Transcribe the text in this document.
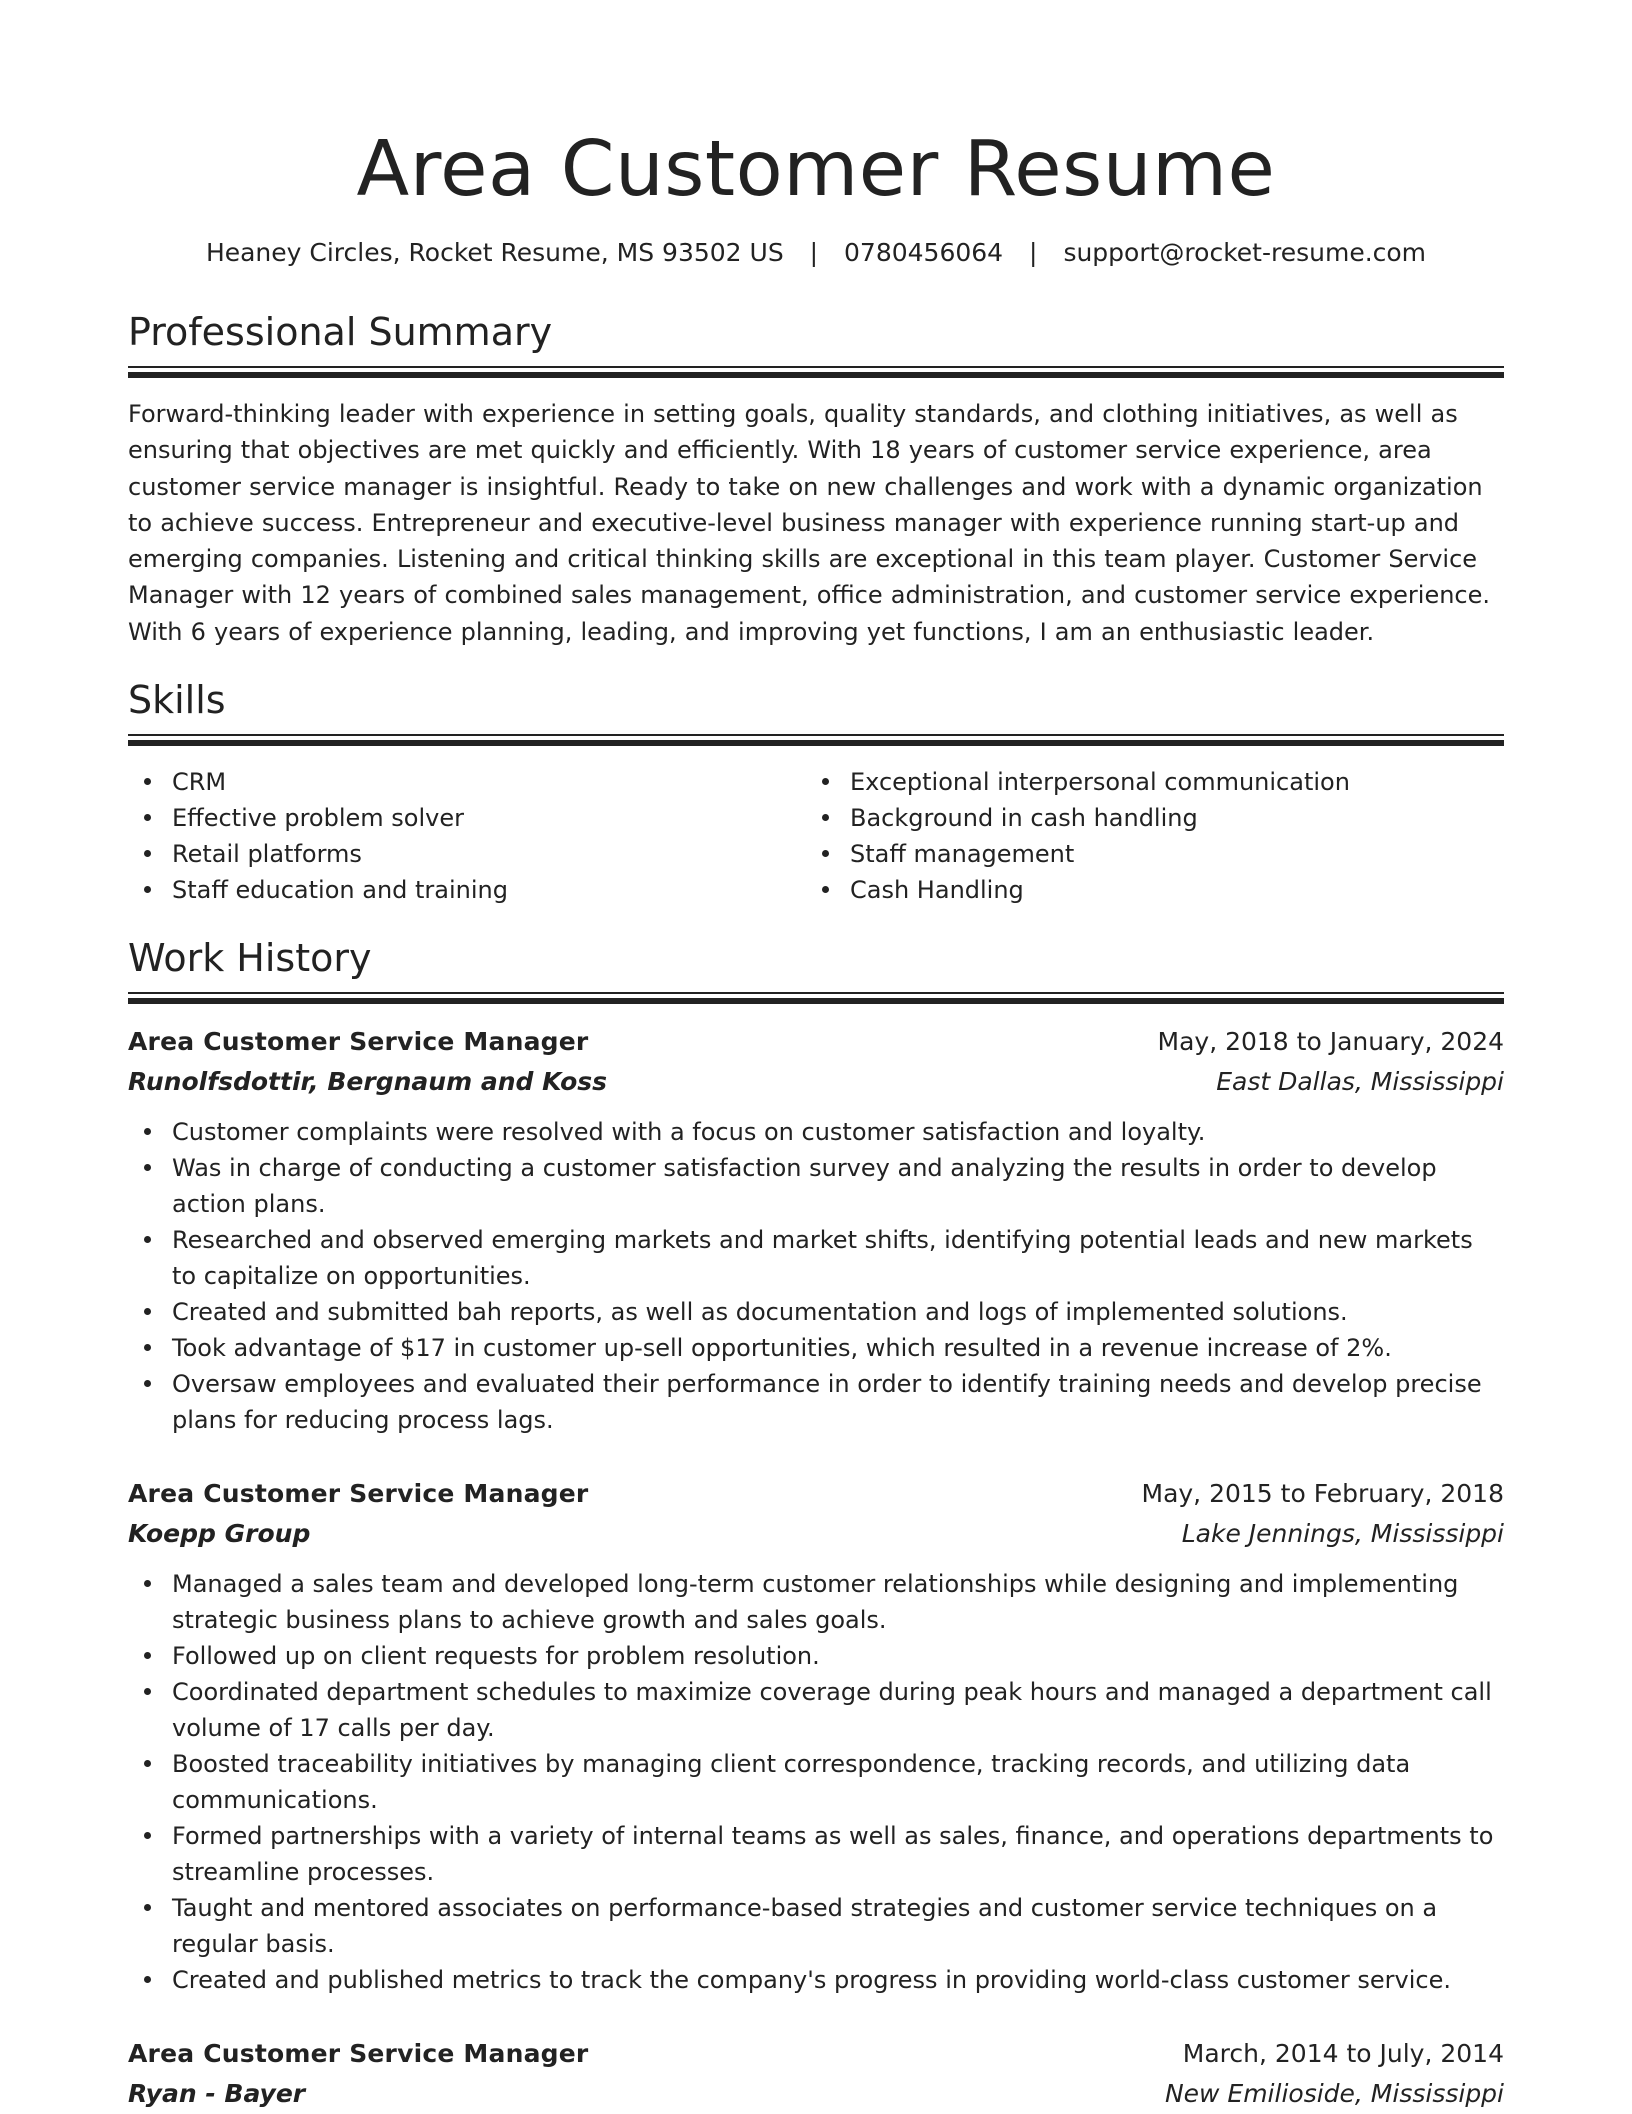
Area Customer Resume
Heaney Circles, Rocket Resume, MS 93502 US | 0780456064 | support@rocket-resume.com
Professional Summary

Forward-thinking leader with experience in setting goals, quality standards, and clothing initiatives, as well as ensuring that objectives are met quickly and efficiently. With 18 years of customer service experience, area customer service manager is insightful. Ready to take on new challenges and work with a dynamic organization to achieve success. Entrepreneur and executive-level business manager with experience running start-up and emerging companies. Listening and critical thinking skills are exceptional in this team player. Customer Service Manager with 12 years of combined sales management, office administration, and customer service experience. With 6 years of experience planning, leading, and improving yet functions, I am an enthusiastic leader.

Skills
CRM
Effective problem solver
Retail platforms
Staff education and training
Exceptional interpersonal communication
Background in cash handling
Staff management
Cash Handling
Work History
Area Customer Service Manager	May, 2018 to January, 2024
Runolfsdottir, Bergnaum and Koss	East Dallas, Mississippi
Customer complaints were resolved with a focus on customer satisfaction and loyalty.
Was in charge of conducting a customer satisfaction survey and analyzing the results in order to develop action plans.
Researched and observed emerging markets and market shifts, identifying potential leads and new markets to capitalize on opportunities.
Created and submitted bah reports, as well as documentation and logs of implemented solutions.
Took advantage of $17 in customer up-sell opportunities, which resulted in a revenue increase of 2%.
Oversaw employees and evaluated their performance in order to identify training needs and develop precise plans for reducing process lags.
Area Customer Service Manager	May, 2015 to February, 2018
Koepp Group	Lake Jennings, Mississippi
Managed a sales team and developed long-term customer relationships while designing and implementing strategic business plans to achieve growth and sales goals.
Followed up on client requests for problem resolution.
Coordinated department schedules to maximize coverage during peak hours and managed a department call volume of 17 calls per day.
Boosted traceability initiatives by managing client correspondence, tracking records, and utilizing data communications.
Formed partnerships with a variety of internal teams as well as sales, finance, and operations departments to streamline processes.
Taught and mentored associates on performance-based strategies and customer service techniques on a regular basis.
Created and published metrics to track the company's progress in providing world-class customer service.
Area Customer Service Manager	March, 2014 to July, 2014
Ryan - Bayer	New Emilioside, Mississippi
